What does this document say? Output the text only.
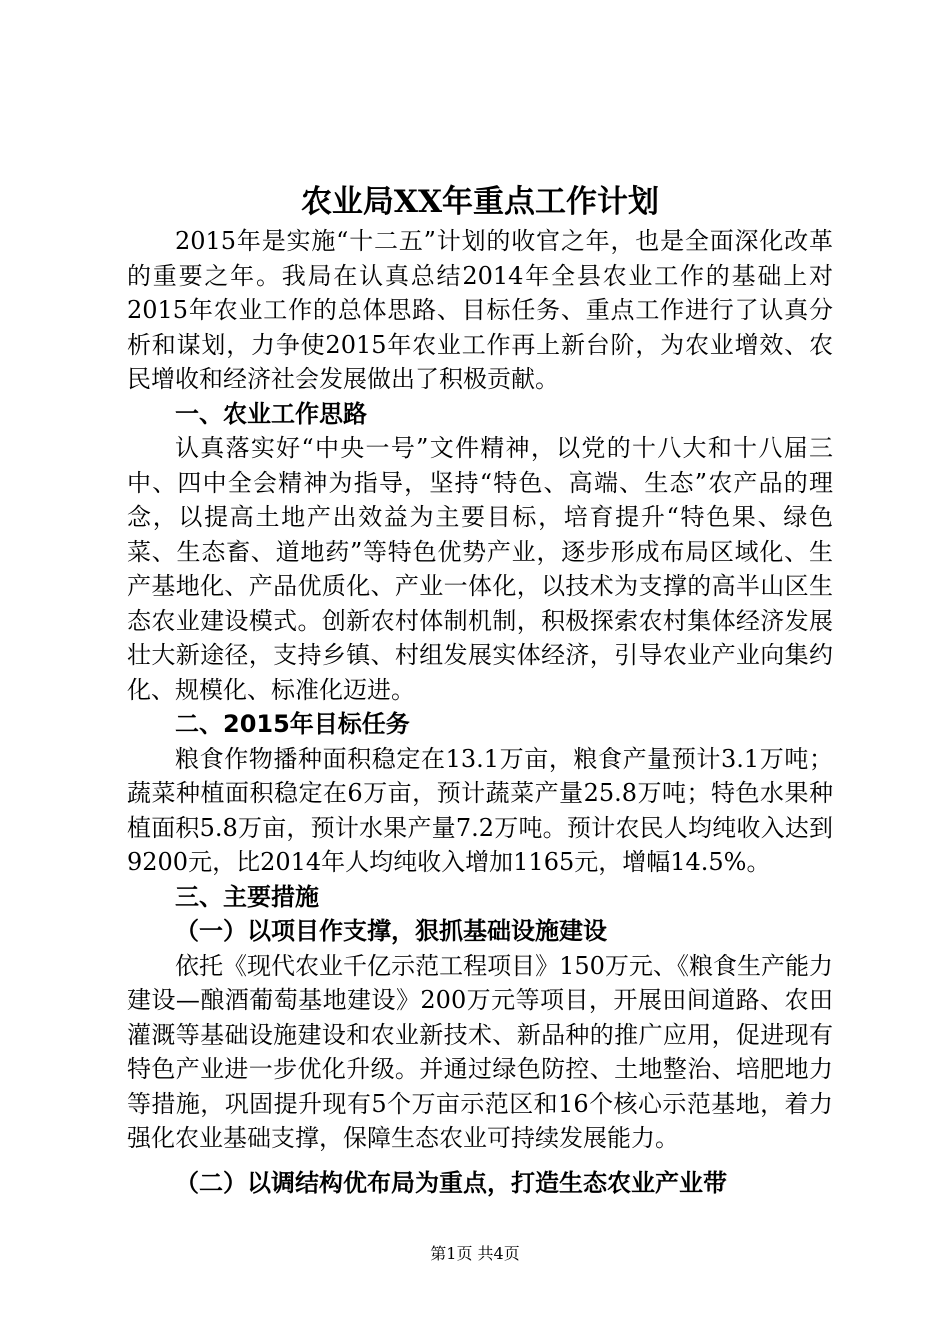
农业局XX年重点工作计划

2015年是实施“十二五”计划的收官之年，也是全面深化改革的重要之年。我局在认真总结2014年全县农业工作的基础上对2015年农业工作的总体思路、目标任务、重点工作进行了认真分析和谋划，力争使2015年农业工作再上新台阶，为农业增效、农民增收和经济社会发展做出了积极贡献。

一、农业工作思路

认真落实好“中央一号”文件精神，以党的十八大和十八届三中、四中全会精神为指导，坚持“特色、高端、生态”农产品的理念，以提高土地产出效益为主要目标，培育提升“特色果、绿色菜、生态畜、道地药”等特色优势产业，逐步形成布局区域化、生产基地化、产品优质化、产业一体化，以技术为支撑的高半山区生态农业建设模式。创新农村体制机制，积极探索农村集体经济发展壮大新途径，支持乡镇、村组发展实体经济，引导农业产业向集约化、规模化、标准化迈进。

二、2015年目标任务

粮食作物播种面积稳定在13.1万亩，粮食产量预计3.1万吨；蔬菜种植面积稳定在6万亩，预计蔬菜产量25.8万吨；特色水果种植面积5.8万亩，预计水果产量7.2万吨。预计农民人均纯收入达到9200元，比2014年人均纯收入增加1165元，增幅14.5%。

三、主要措施
（一）以项目作支撑，狠抓基础设施建设

依托《现代农业千亿示范工程项目》150万元、《粮食生产能力建设—酿酒葡萄基地建设》200万元等项目，开展田间道路、农田灌溉等基础设施建设和农业新技术、新品种的推广应用，促进现有特色产业进一步优化升级。并通过绿色防控、土地整治、培肥地力等措施，巩固提升现有5个万亩示范区和16个核心示范基地，着力强化农业基础支撑，保障生态农业可持续发展能力。

（二）以调结构优布局为重点，打造生态农业产业带
第1页 共4页
